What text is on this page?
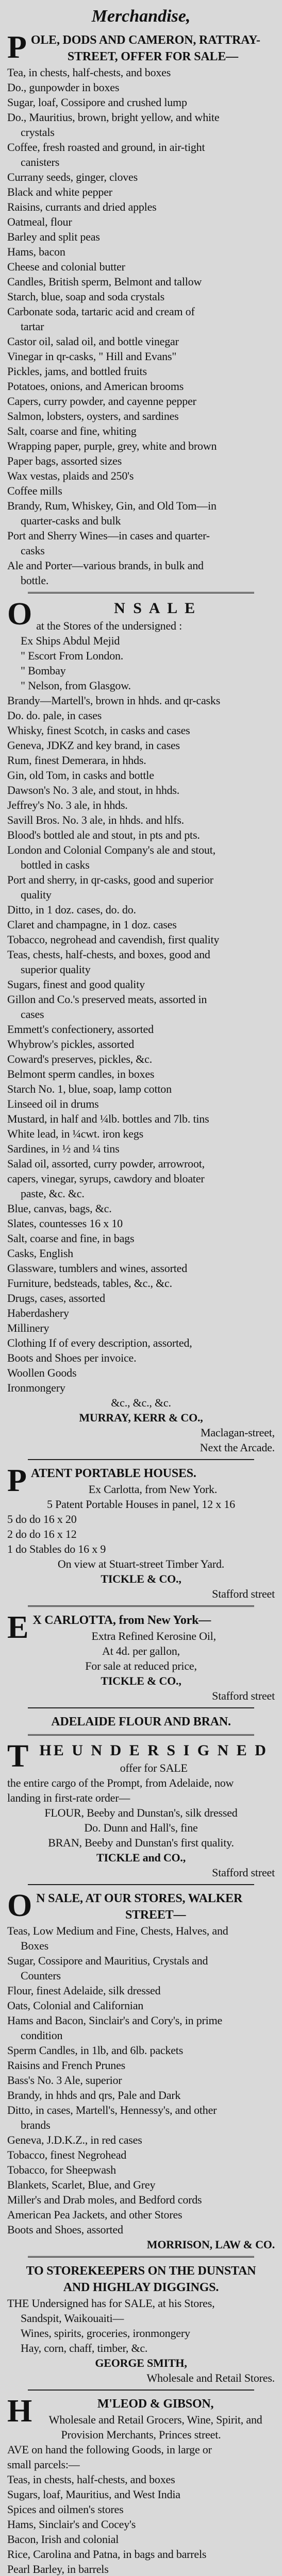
Merchandise,
P OLE, DODS AND CAMERON, RATTRAY-
STREET, OFFER FOR SALE—
Tea, in chests, half-chests, and boxes
Do., gunpowder in boxes
Sugar, loaf, Cossipore and crushed lump
Do., Mauritius, brown, bright yellow, and white
crystals
Coffee, fresh roasted and ground, in air-tight
canisters
Currany seeds, ginger, cloves
Black and white pepper
Raisins, currants and dried apples
Oatmeal, flour
Barley and split peas
Hams, bacon
Cheese and colonial butter
Candles, British sperm, Belmont and tallow
Starch, blue, soap and soda crystals
Carbonate soda, tartaric acid and cream of
tartar
Castor oil, salad oil, and bottle vinegar
Vinegar in qr-casks, " Hill and Evans"
Pickles, jams, and bottled fruits
Potatoes, onions, and American brooms
Capers, curry powder, and cayenne pepper
Salmon, lobsters, oysters, and sardines
Salt, coarse and fine, whiting
Wrapping paper, purple, grey, white and brown
Paper bags, assorted sizes
Wax vestas, plaids and 250's
Coffee mills
Brandy, Rum, Whiskey, Gin, and Old Tom—in
quarter-casks and bulk
Port and Sherry Wines—in cases and quarter-
casks
Ale and Porter—various brands, in bulk and
bottle.
O	N S A L E
at the Stores of the undersigned :
Ex Ships Abdul Mejid
" Escort From London.
" Bombay
" Nelson, from Glasgow.
Brandy—Martell's, brown in hhds. and qr-casks
Do. do. pale, in cases
Whisky, finest Scotch, in casks and cases
Geneva, JDKZ and key brand, in cases
Rum, finest Demerara, in hhds.
Gin, old Tom, in casks and bottle
Dawson's No. 3 ale, and stout, in hhds.
Jeffrey's No. 3 ale, in hhds.
Savill Bros. No. 3 ale, in hhds. and hlfs.
Blood's bottled ale and stout, in pts and pts.
London and Colonial Company's ale and stout,
bottled in casks
Port and sherry, in qr-casks, good and superior
quality
Ditto, in 1 doz. cases, do. do.
Claret and champagne, in 1 doz. cases
Tobacco, negrohead and cavendish, first quality
Teas, chests, half-chests, and boxes, good and
superior quality
Sugars, finest and good quality
Gillon and Co.'s preserved meats, assorted in
cases
Emmett's confectionery, assorted
Whybrow's pickles, assorted
Coward's preserves, pickles, &c.
Belmont sperm candles, in boxes
Starch No. 1, blue, soap, lamp cotton
Linseed oil in drums
Mustard, in half and ¼lb. bottles and 7lb. tins
White lead, in ¼cwt. iron kegs
Sardines, in ½ and ¼ tins
Salad oil, assorted, curry powder, arrowroot,
capers, vinegar, syrups, cawdory and bloater
paste, &c. &c.
Blue, canvas, bags, &c.
Slates, countesses 16 x 10
Salt, coarse and fine, in bags
Casks, English
Glassware, tumblers and wines, assorted
Furniture, bedsteads, tables, &c., &c.
Drugs, cases, assorted
Haberdashery
Millinery
Clothing If of every description, assorted,
Boots and Shoes per invoice.
Woollen Goods
Ironmongery
&c., &c., &c.
MURRAY, KERR & CO.,
Maclagan-street,
Next the Arcade.
P ATENT PORTABLE HOUSES.
Ex Carlotta, from New York.
5 Patent Portable Houses in panel, 12 x 16
5 do do 16 x 20
2 do do 16 x 12
1 do Stables do 16 x 9
On view at Stuart-street Timber Yard.
TICKLE & CO.,
Stafford street
E X CARLOTTA, from New York—
Extra Refined Kerosine Oil,
At 4d. per gallon,
For sale at reduced price,
TICKLE & CO.,
Stafford street
ADELAIDE FLOUR AND BRAN.
T HE U N D E R S I G N E D
offer for SALE
the entire cargo of the Prompt, from Adelaide, now
landing in first-rate order—
FLOUR, Beeby and Dunstan's, silk dressed
Do. Dunn and Hall's, fine
BRAN, Beeby and Dunstan's first quality.
TICKLE and CO.,
Stafford street
O N SALE, AT OUR STORES, WALKER
STREET—
Teas, Low Medium and Fine, Chests, Halves, and
Boxes
Sugar, Cossipore and Mauritius, Crystals and
Counters
Flour, finest Adelaide, silk dressed
Oats, Colonial and Californian
Hams and Bacon, Sinclair's and Cory's, in prime
condition
Sperm Candles, in 1lb, and 6lb. packets
Raisins and French Prunes
Bass's No. 3 Ale, superior
Brandy, in hhds and qrs, Pale and Dark
Ditto, in cases, Martell's, Hennessy's, and other
brands
Geneva, J.D.K.Z., in red cases
Tobacco, finest Negrohead
Tobacco, for Sheepwash
Blankets, Scarlet, Blue, and Grey
Miller's and Drab moles, and Bedford cords
American Pea Jackets, and other Stores
Boots and Shoes, assorted
MORRISON, LAW & CO.
TO STOREKEEPERS ON THE DUNSTAN
AND HIGHLAY DIGGINGS.
THE Undersigned has for SALE, at his Stores,
Sandspit, Waikouaiti—
Wines, spirits, groceries, ironmongery
Hay, corn, chaff, timber, &c.
GEORGE SMITH,
Wholesale and Retail Stores.
H	M'LEOD & GIBSON,
Wholesale and Retail Grocers, Wine, Spirit, and
Provision Merchants, Princes street.
AVE on hand the following Goods, in large or
small parcels:—
Teas, in chests, half-chests, and boxes
Sugars, loaf, Mauritius, and West India
Spices and oilmen's stores
Hams, Sinclair's and Cocey's
Bacon, Irish and colonial
Rice, Carolina and Patna, in bags and barrels
Pearl Barley, in barrels
